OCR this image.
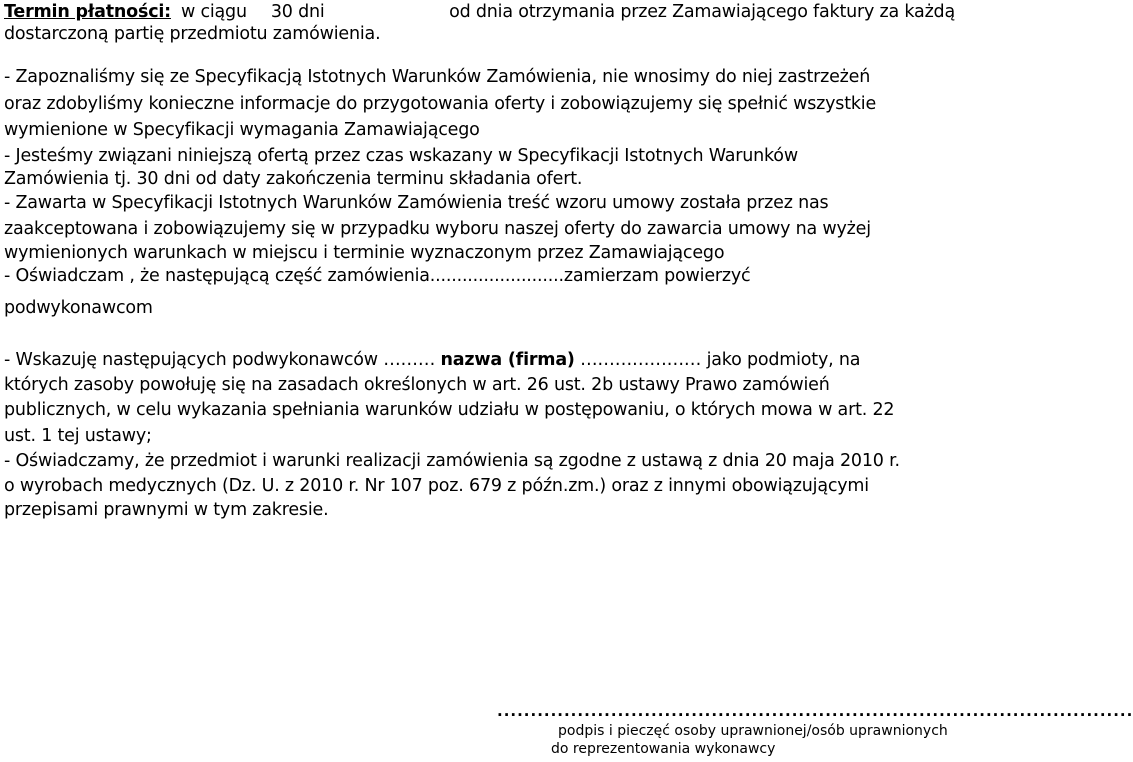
Termin płatności: w ciągu 30 dni	od dnia otrzymania przez Zamawiającego faktury za każdą
dostarczoną partię przedmiotu zamówienia.
- Zapoznaliśmy się ze Specyfikacją Istotnych Warunków Zamówienia, nie wnosimy do niej zastrzeżeń
oraz zdobyliśmy konieczne informacje do przygotowania oferty i zobowiązujemy się spełnić wszystkie
wymienione w Specyfikacji wymagania Zamawiającego
- Jesteśmy związani niniejszą ofertą przez czas wskazany w Specyfikacji Istotnych Warunków
Zamówienia tj. 30 dni od daty zakończenia terminu składania ofert.
- Zawarta w Specyfikacji Istotnych Warunków Zamówienia treść wzoru umowy została przez nas
zaakceptowana i zobowiązujemy się w przypadku wyboru naszej oferty do zawarcia umowy na wyżej
wymienionych warunkach w miejscu i terminie wyznaczonym przez Zamawiającego
- Oświadczam , że następującą część zamówienia.........................zamierzam powierzyć
podwykonawcom
- Wskazuję następujących podwykonawców ……… nazwa (firma) ………………… jako podmioty, na
których zasoby powołuję się na zasadach określonych w art. 26 ust. 2b ustawy Prawo zamówień
publicznych, w celu wykazania spełniania warunków udziału w postępowaniu, o których mowa w art. 22
ust. 1 tej ustawy;
- Oświadczamy, że przedmiot i warunki realizacji zamówienia są zgodne z ustawą z dnia 20 maja 2010 r.
o wyrobach medycznych (Dz. U. z 2010 r. Nr 107 poz. 679 z późn.zm.) oraz z innymi obowiązującymi
przepisami prawnymi w tym zakresie.
...............................................................................................
podpis i pieczęć osoby uprawnionej/osób uprawnionych
do reprezentowania wykonawcy
